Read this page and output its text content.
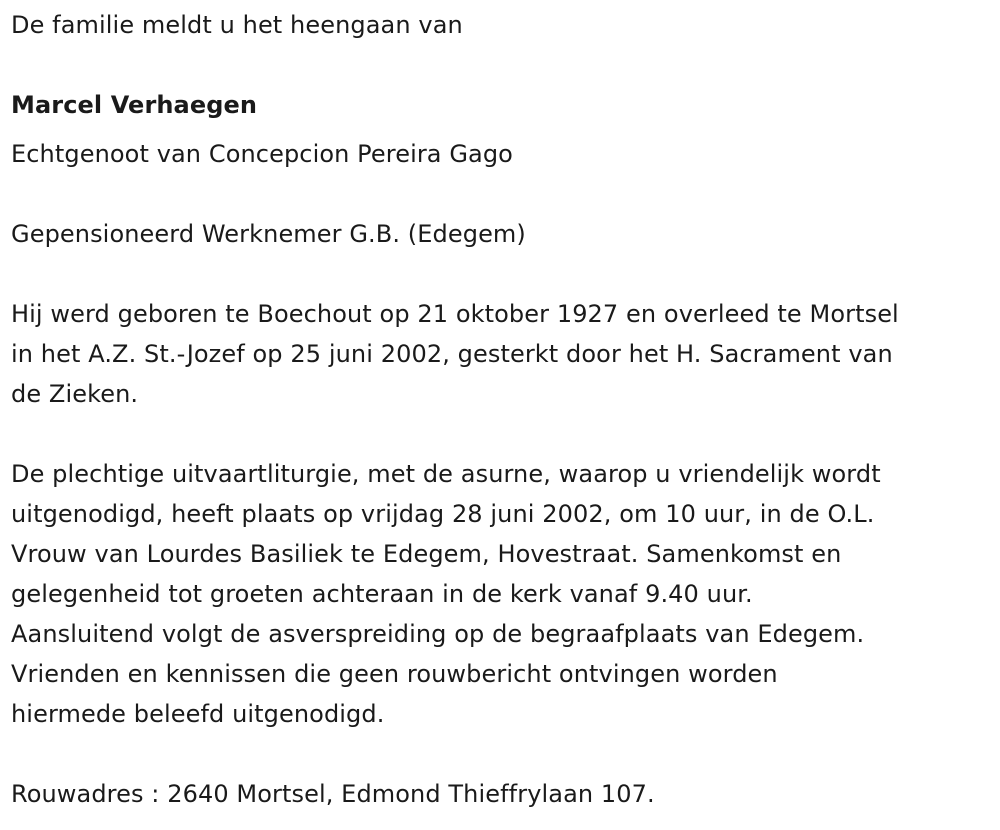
De familie meldt u het heengaan van
Marcel Verhaegen
Echtgenoot van Concepcion Pereira Gago
Gepensioneerd Werknemer G.B. (Edegem)
Hij werd geboren te Boechout op 21 oktober 1927 en overleed te Mortsel
in het A.Z. St.-Jozef op 25 juni 2002, gesterkt door het H. Sacrament van
de Zieken.
De plechtige uitvaartliturgie, met de asurne, waarop u vriendelijk wordt
uitgenodigd, heeft plaats op vrijdag 28 juni 2002, om 10 uur, in de O.L.
Vrouw van Lourdes Basiliek te Edegem, Hovestraat. Samenkomst en
gelegenheid tot groeten achteraan in de kerk vanaf 9.40 uur.
Aansluitend volgt de asverspreiding op de begraafplaats van Edegem.
Vrienden en kennissen die geen rouwbericht ontvingen worden
hiermede beleefd uitgenodigd.
Rouwadres : 2640 Mortsel, Edmond Thieffrylaan 107.
